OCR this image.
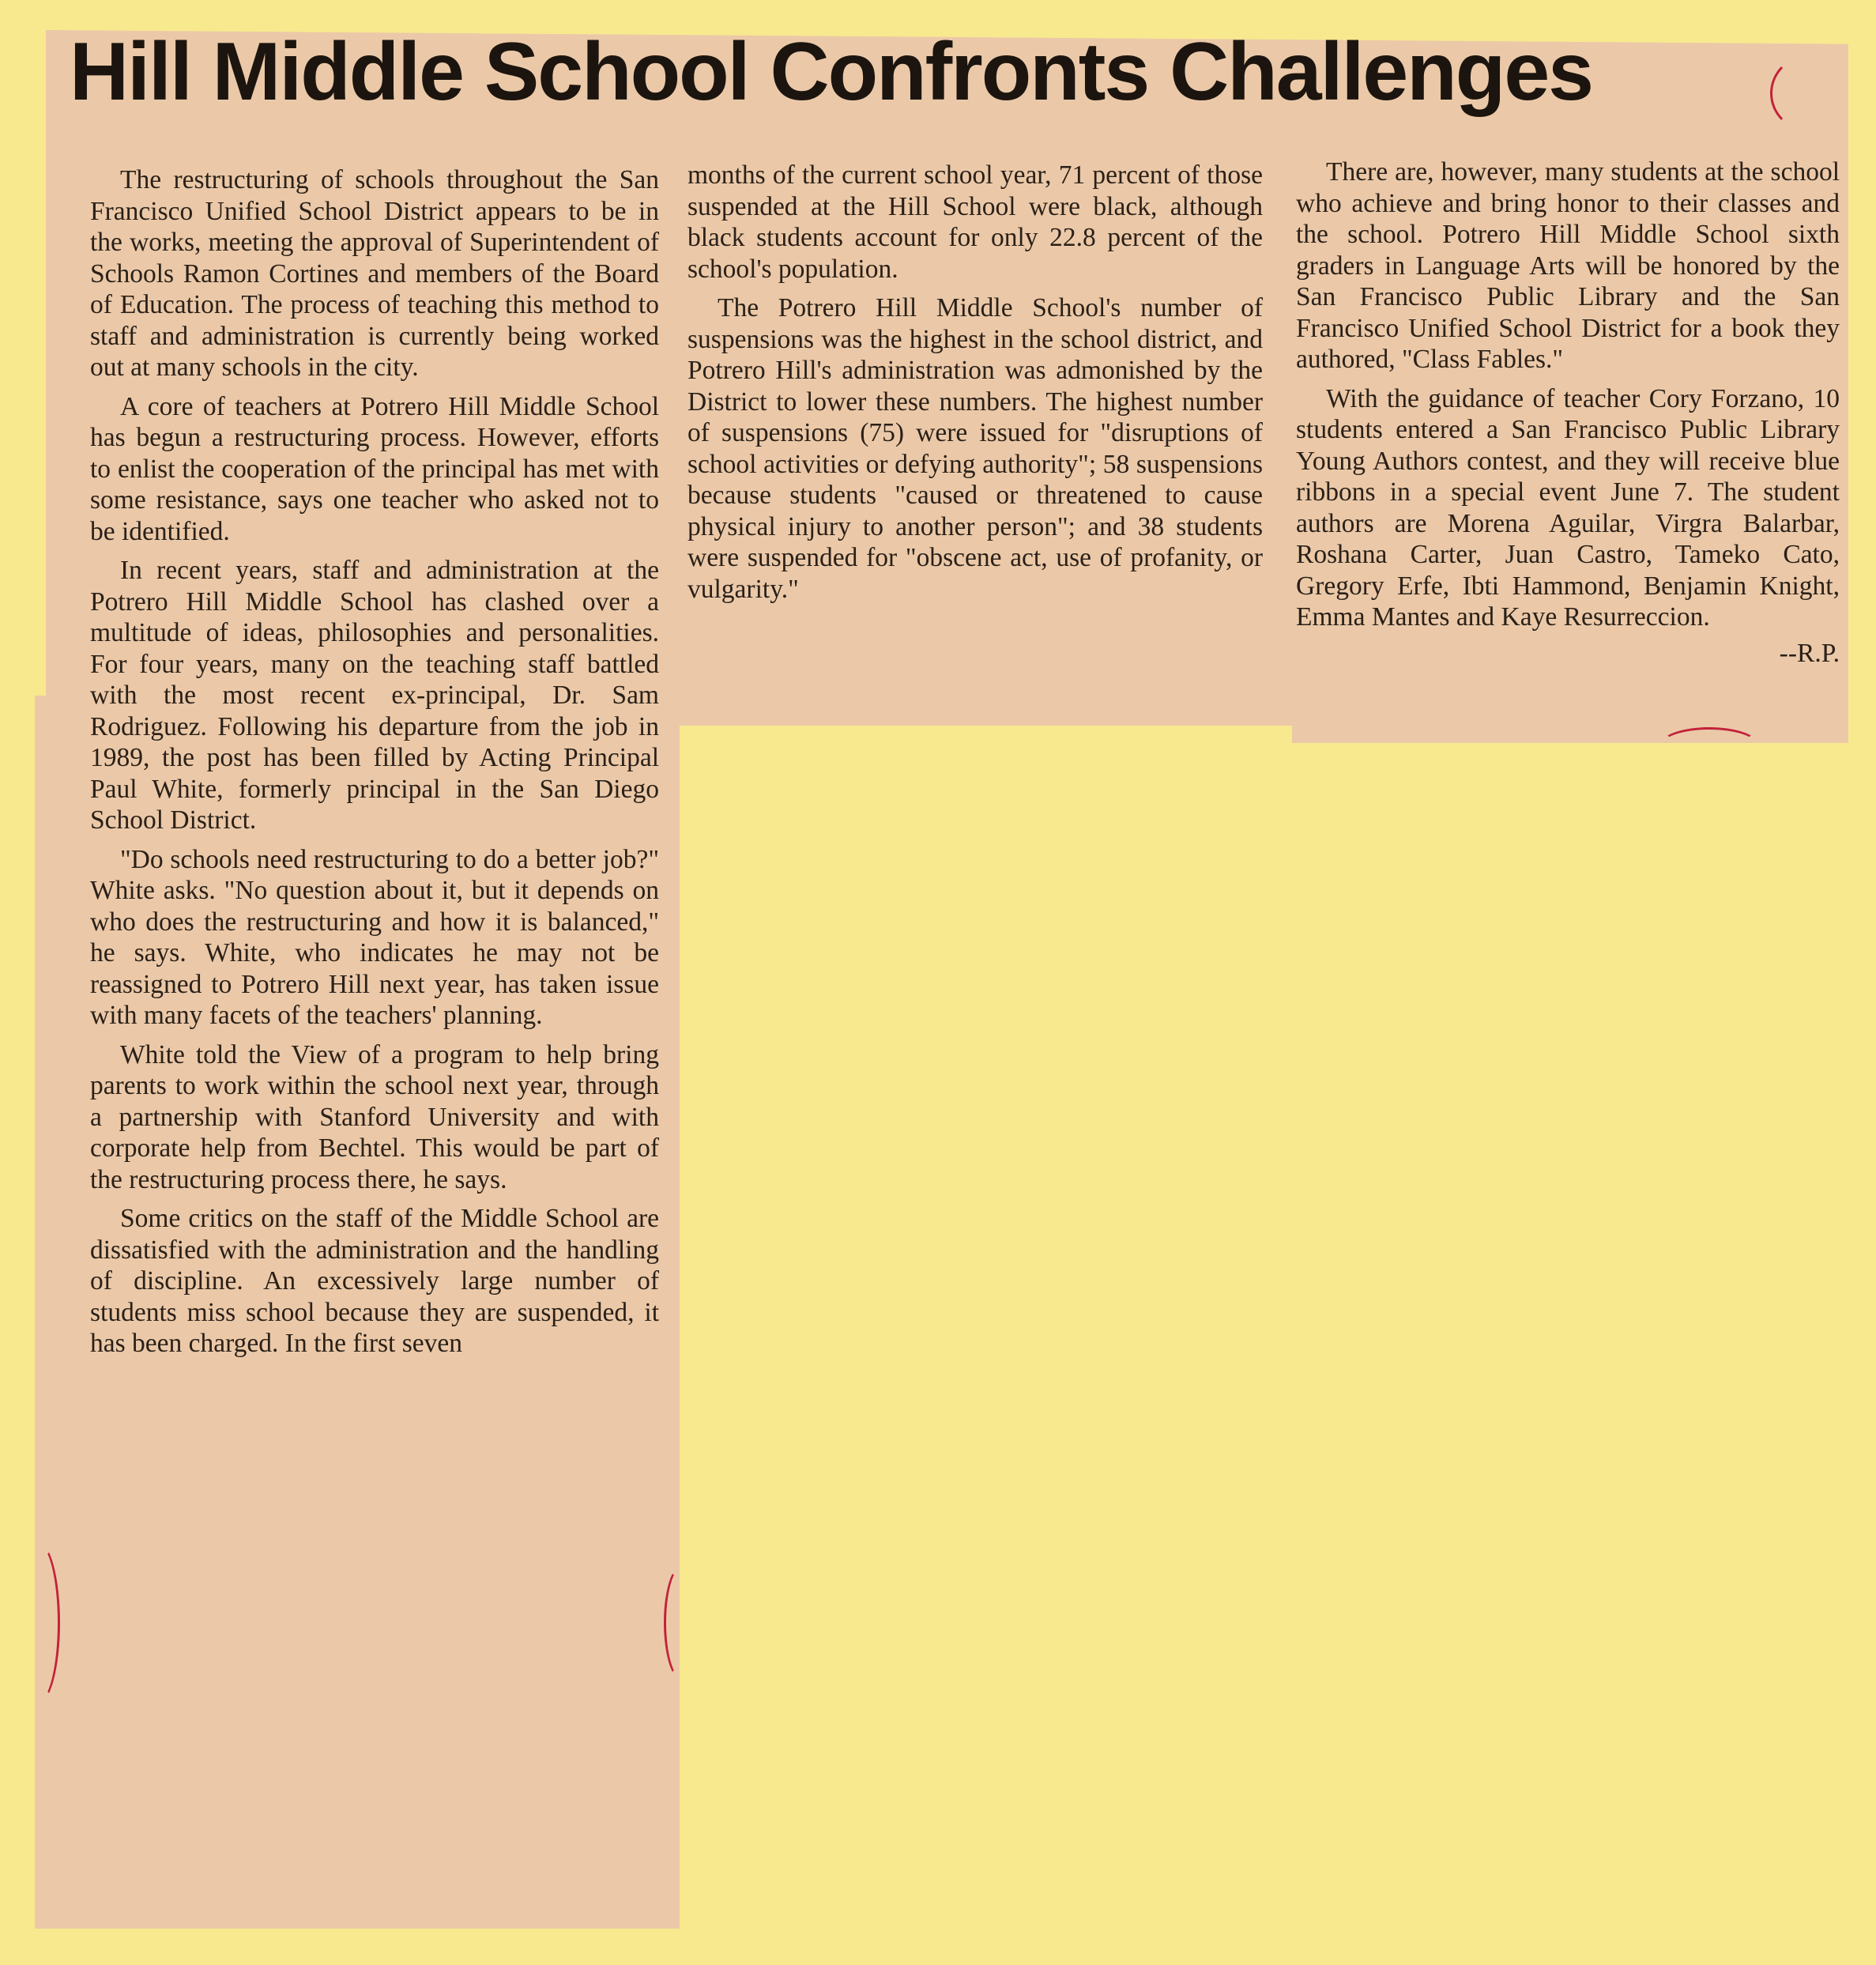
Hill Middle School Confronts Challenges

The restructuring of schools throughout the San Francisco Unified School District appears to be in the works, meeting the approval of Superintendent of Schools Ramon Cortines and members of the Board of Education. The process of teaching this method to staff and administration is currently being worked out at many schools in the city.

A core of teachers at Potrero Hill Middle School has begun a restructuring process. However, efforts to enlist the cooperation of the principal has met with some resistance, says one teacher who asked not to be identified.

In recent years, staff and administration at the Potrero Hill Middle School has clashed over a multitude of ideas, philosophies and personalities. For four years, many on the teaching staff battled with the most recent ex-principal, Dr. Sam Rodriguez. Following his departure from the job in 1989, the post has been filled by Acting Principal Paul White, formerly principal in the San Diego School District.

"Do schools need restructuring to do a better job?" White asks. "No question about it, but it depends on who does the restructuring and how it is balanced," he says. White, who indicates he may not be reassigned to Potrero Hill next year, has taken issue with many facets of the teachers' planning.

White told the View of a program to help bring parents to work within the school next year, through a partnership with Stanford University and with corporate help from Bechtel. This would be part of the restructuring process there, he says.

Some critics on the staff of the Middle School are dissatisfied with the administration and the handling of discipline. An excessively large number of students miss school because they are suspended, it has been charged. In the first seven

months of the current school year, 71 percent of those suspended at the Hill School were black, although black students account for only 22.8 percent of the school's population.

The Potrero Hill Middle School's number of suspensions was the highest in the school district, and Potrero Hill's administration was admonished by the District to lower these numbers. The highest number of suspensions (75) were issued for "disruptions of school activities or defying authority"; 58 suspensions because students "caused or threatened to cause physical injury to another person"; and 38 students were suspended for "obscene act, use of profanity, or vulgarity."

There are, however, many students at the school who achieve and bring honor to their classes and the school. Potrero Hill Middle School sixth graders in Language Arts will be honored by the San Francisco Public Library and the San Francisco Unified School District for a book they authored, "Class Fables."

With the guidance of teacher Cory Forzano, 10 students entered a San Francisco Public Library Young Authors contest, and they will receive blue ribbons in a special event June 7. The student authors are Morena Aguilar, Virgra Balarbar, Roshana Carter, Juan Castro, Tameko Cato, Gregory Erfe, Ibti Hammond, Benjamin Knight, Emma Mantes and Kaye Resurreccion.

--R.P.
